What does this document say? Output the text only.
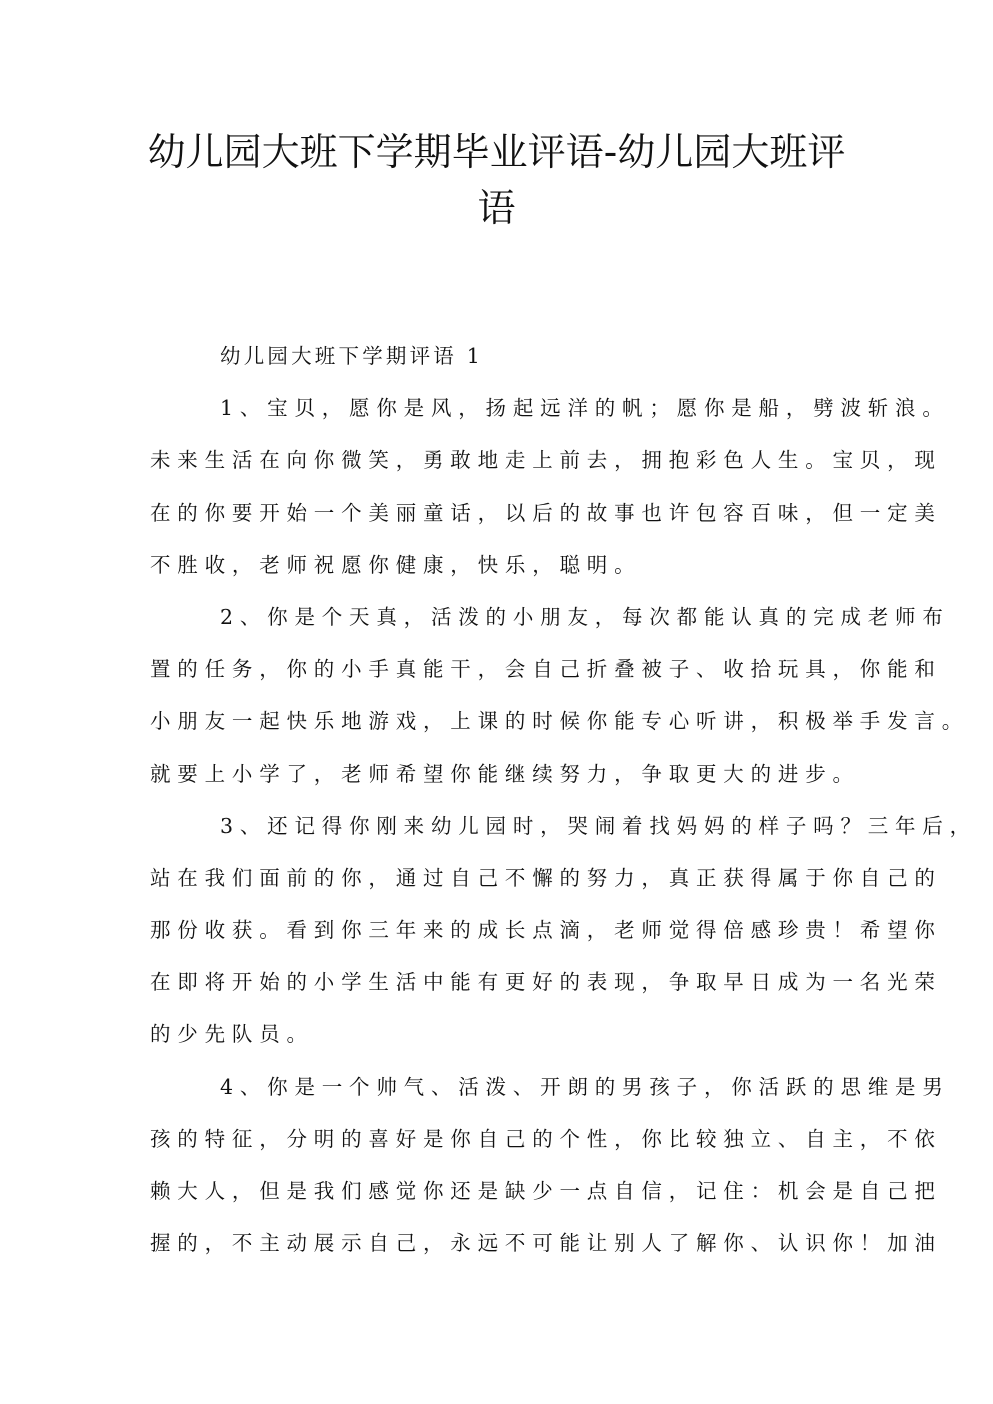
幼儿园大班下学期毕业评语-幼儿园大班评
语
幼儿园大班下学期评语 1
1、宝贝，愿你是风，扬起远洋的帆；愿你是船，劈波斩浪。
未来生活在向你微笑，勇敢地走上前去，拥抱彩色人生。宝贝，现
在的你要开始一个美丽童话，以后的故事也许包容百味，但一定美
不胜收，老师祝愿你健康，快乐，聪明。
2、你是个天真，活泼的小朋友，每次都能认真的完成老师布
置的任务，你的小手真能干，会自己折叠被子、收拾玩具，你能和
小朋友一起快乐地游戏，上课的时候你能专心听讲，积极举手发言。
就要上小学了，老师希望你能继续努力，争取更大的进步。
3、还记得你刚来幼儿园时，哭闹着找妈妈的样子吗？三年后，
站在我们面前的你，通过自己不懈的努力，真正获得属于你自己的
那份收获。看到你三年来的成长点滴，老师觉得倍感珍贵！希望你
在即将开始的小学生活中能有更好的表现，争取早日成为一名光荣
的少先队员。
4、你是一个帅气、活泼、开朗的男孩子，你活跃的思维是男
孩的特征，分明的喜好是你自己的个性，你比较独立、自主，不依
赖大人，但是我们感觉你还是缺少一点自信，记住：机会是自己把
握的，不主动展示自己，永远不可能让别人了解你、认识你！加油
